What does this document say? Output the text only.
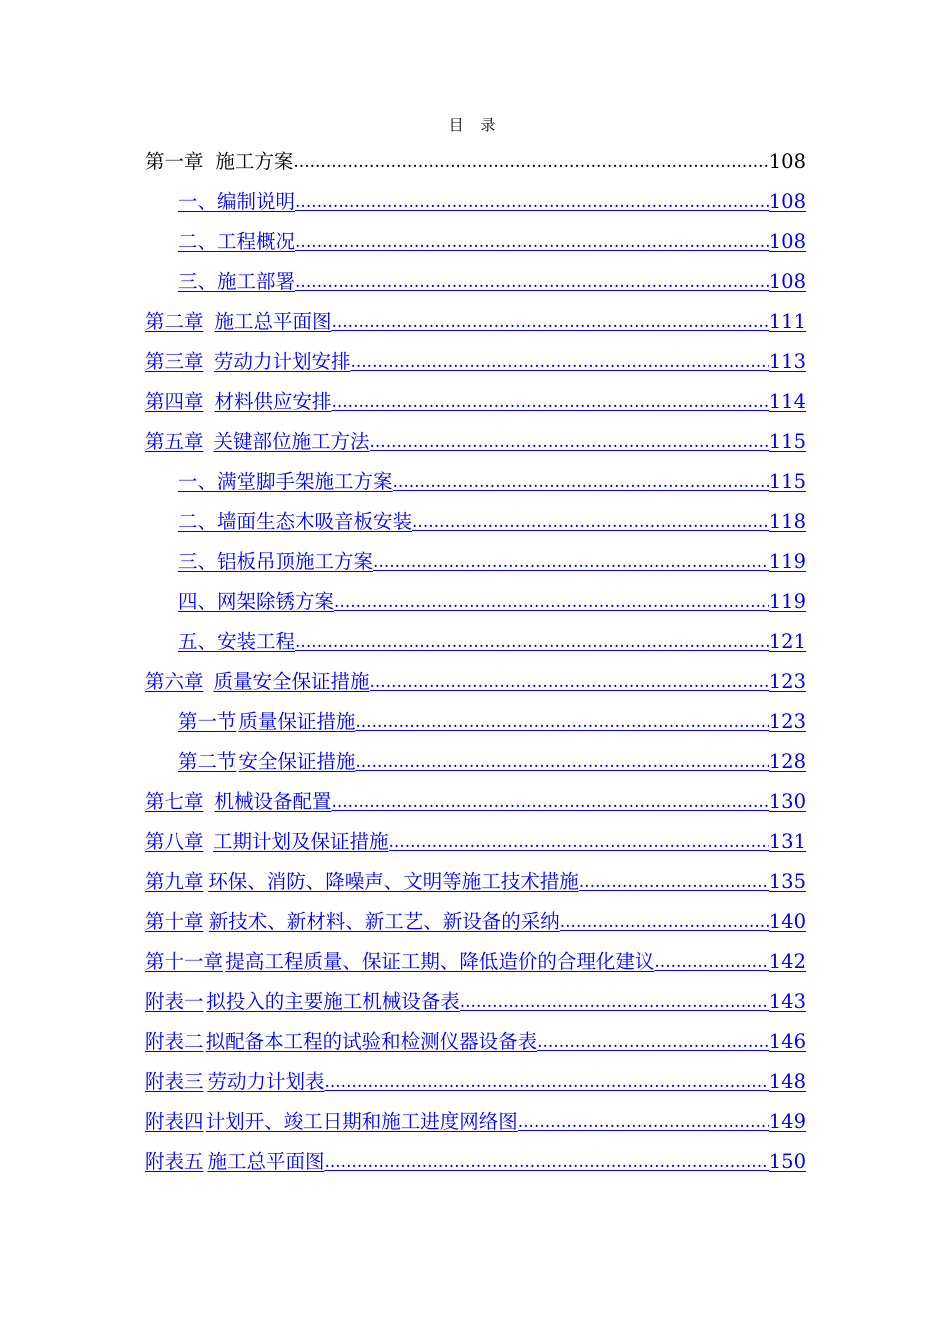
目 录
第一章 施工方案 .....	108
一、编制说明 .....	108
二、工程概况 .....	108
三、施工部署 .....	108
第二章 施工总平面图 .....	111
第三章 劳动力计划安排 .....	113
第四章 材料供应安排 .....	114
第五章 关键部位施工方法 .....	115
一、满堂脚手架施工方案 .....	115
二、墙面生态木吸音板安装 .....	118
三、铝板吊顶施工方案 .....	119
四、网架除锈方案 .....	119
五、安装工程 .....	121
第六章 质量安全保证措施 .....	123
第一节 质量保证措施 .....	123
第二节 安全保证措施 .....	128
第七章 机械设备配置 .....	130
第八章 工期计划及保证措施 .....	131
第九章 环保、消防、降噪声、文明等施工技术措施 .....	135
第十章 新技术、新材料、新工艺、新设备的采纳 .....	140
第十一章 提高工程质量、保证工期、降低造价的合理化建议 .....	142
附表一 拟投入的主要施工机械设备表 .....	143
附表二 拟配备本工程的试验和检测仪器设备表 .....	146
附表三 劳动力计划表 .....	148
附表四 计划开、竣工日期和施工进度网络图 .....	149
附表五 施工总平面图 .....	150
